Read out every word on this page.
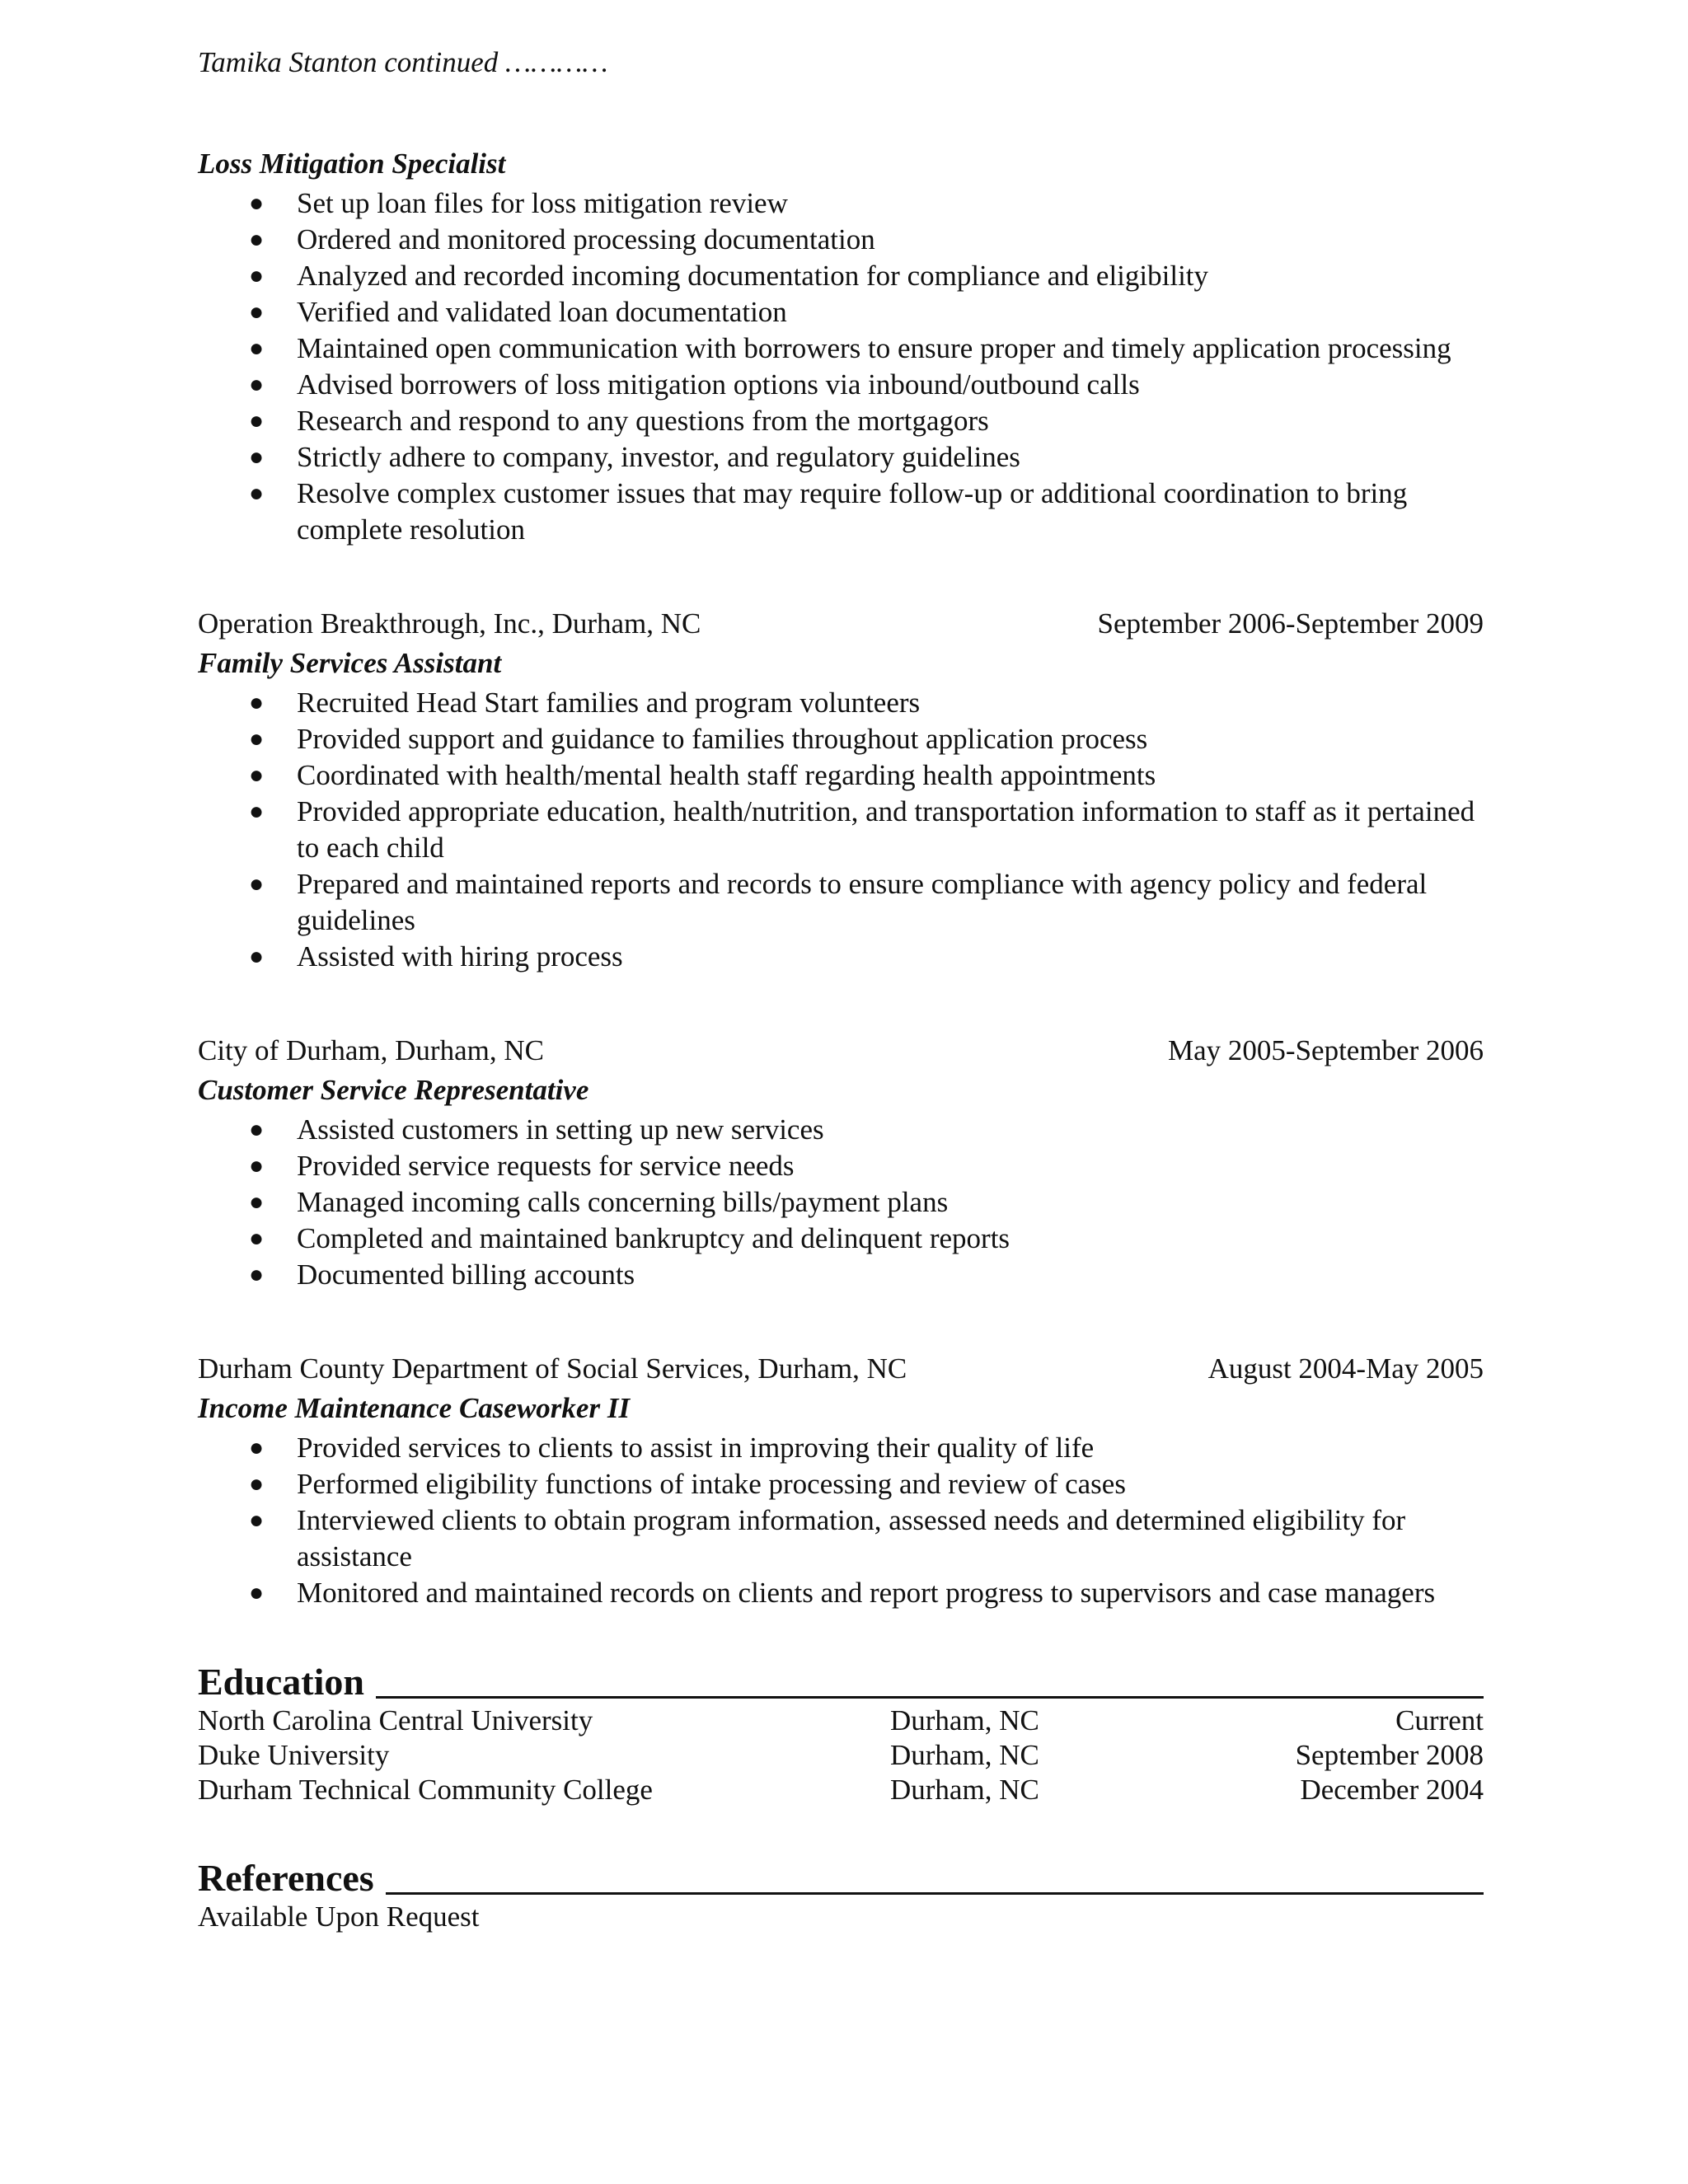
Tamika Stanton continued …………
Loss Mitigation Specialist
● Set up loan files for loss mitigation review
● Ordered and monitored processing documentation
● Analyzed and recorded incoming documentation for compliance and eligibility
● Verified and validated loan documentation
● Maintained open communication with borrowers to ensure proper and timely application processing
● Advised borrowers of loss mitigation options via inbound/outbound calls
● Research and respond to any questions from the mortgagors
● Strictly adhere to company, investor, and regulatory guidelines
● Resolve complex customer issues that may require follow-up or additional coordination to bring complete resolution
Operation Breakthrough, Inc., Durham, NC	September 2006-September 2009
Family Services Assistant
● Recruited Head Start families and program volunteers
● Provided support and guidance to families throughout application process
● Coordinated with health/mental health staff regarding health appointments
● Provided appropriate education, health/nutrition, and transportation information to staff as it pertained to each child
● Prepared and maintained reports and records to ensure compliance with agency policy and federal guidelines
● Assisted with hiring process
City of Durham, Durham, NC	May 2005-September 2006
Customer Service Representative
● Assisted customers in setting up new services
● Provided service requests for service needs
● Managed incoming calls concerning bills/payment plans
● Completed and maintained bankruptcy and delinquent reports
● Documented billing accounts
Durham County Department of Social Services, Durham, NC	August 2004-May 2005
Income Maintenance Caseworker II
● Provided services to clients to assist in improving their quality of life
● Performed eligibility functions of intake processing and review of cases
● Interviewed clients to obtain program information, assessed needs and determined eligibility for assistance
● Monitored and maintained records on clients and report progress to supervisors and case managers
Education
North Carolina Central University	Durham, NC	Current
Duke University	Durham, NC	September 2008
Durham Technical Community College	Durham, NC	December 2004
References
Available Upon Request
